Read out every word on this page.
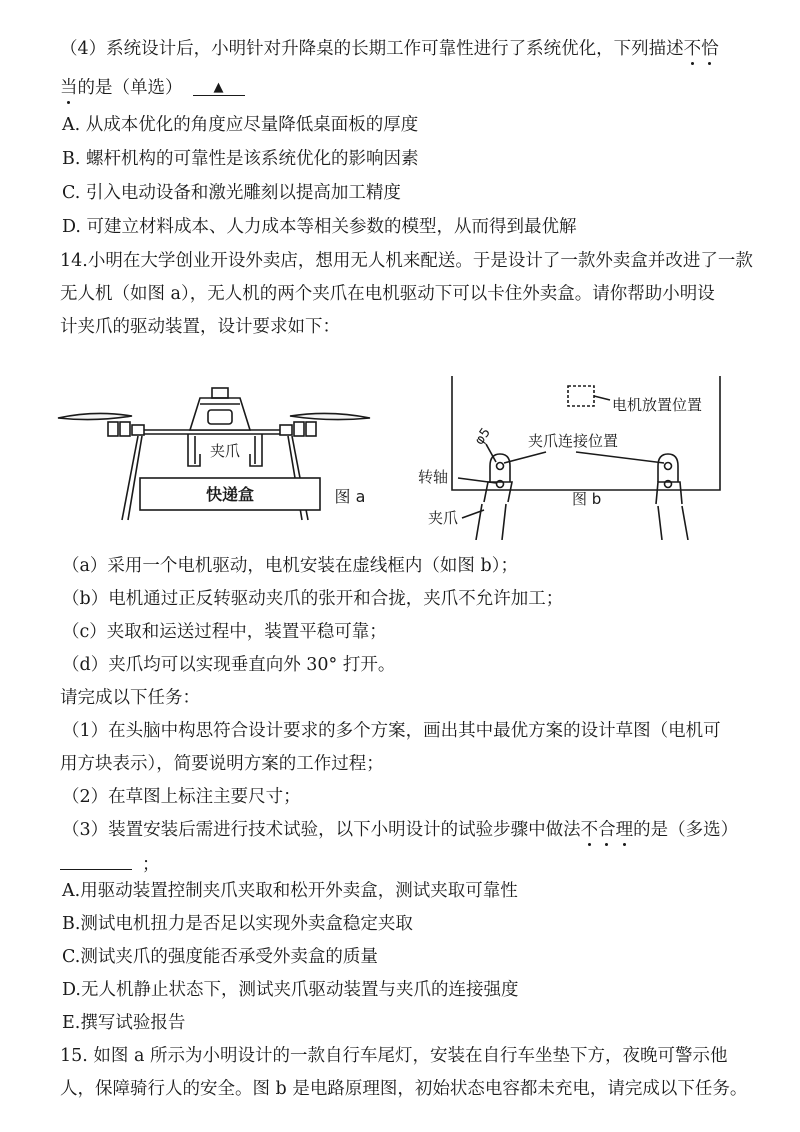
（4）系统设计后，小明针对升降桌的长期工作可靠性进行了系统优化，下列描述不恰
当的是（单选） ▲
A. 从成本优化的角度应尽量降低桌面板的厚度
B. 螺杆机构的可靠性是该系统优化的影响因素
C. 引入电动设备和激光雕刻以提高加工精度
D. 可建立材料成本、人力成本等相关参数的模型，从而得到最优解
14.小明在大学创业开设外卖店，想用无人机来配送。于是设计了一款外卖盒并改进了一款
无人机（如图 a），无人机的两个夹爪在电机驱动下可以卡住外卖盒。请你帮助小明设
计夹爪的驱动装置，设计要求如下：
夹爪
快递盒	图 a
电机放置位置
夹爪连接位置
φ5
转轴
夹爪
图 b
（a）采用一个电机驱动，电机安装在虚线框内（如图 b）；
（b）电机通过正反转驱动夹爪的张开和合拢，夹爪不允许加工；
（c）夹取和运送过程中，装置平稳可靠；
（d）夹爪均可以实现垂直向外 30° 打开。
请完成以下任务：
（1）在头脑中构思符合设计要求的多个方案，画出其中最优方案的设计草图（电机可
用方块表示），简要说明方案的工作过程；
（2）在草图上标注主要尺寸；
（3）装置安装后需进行技术试验，以下小明设计的试验步骤中做法不合理的是（多选）
；
A.用驱动装置控制夹爪夹取和松开外卖盒，测试夹取可靠性
B.测试电机扭力是否足以实现外卖盒稳定夹取
C.测试夹爪的强度能否承受外卖盒的质量
D.无人机静止状态下，测试夹爪驱动装置与夹爪的连接强度
E.撰写试验报告
15. 如图 a 所示为小明设计的一款自行车尾灯，安装在自行车坐垫下方，夜晚可警示他
人，保障骑行人的安全。图 b 是电路原理图，初始状态电容都未充电，请完成以下任务。
